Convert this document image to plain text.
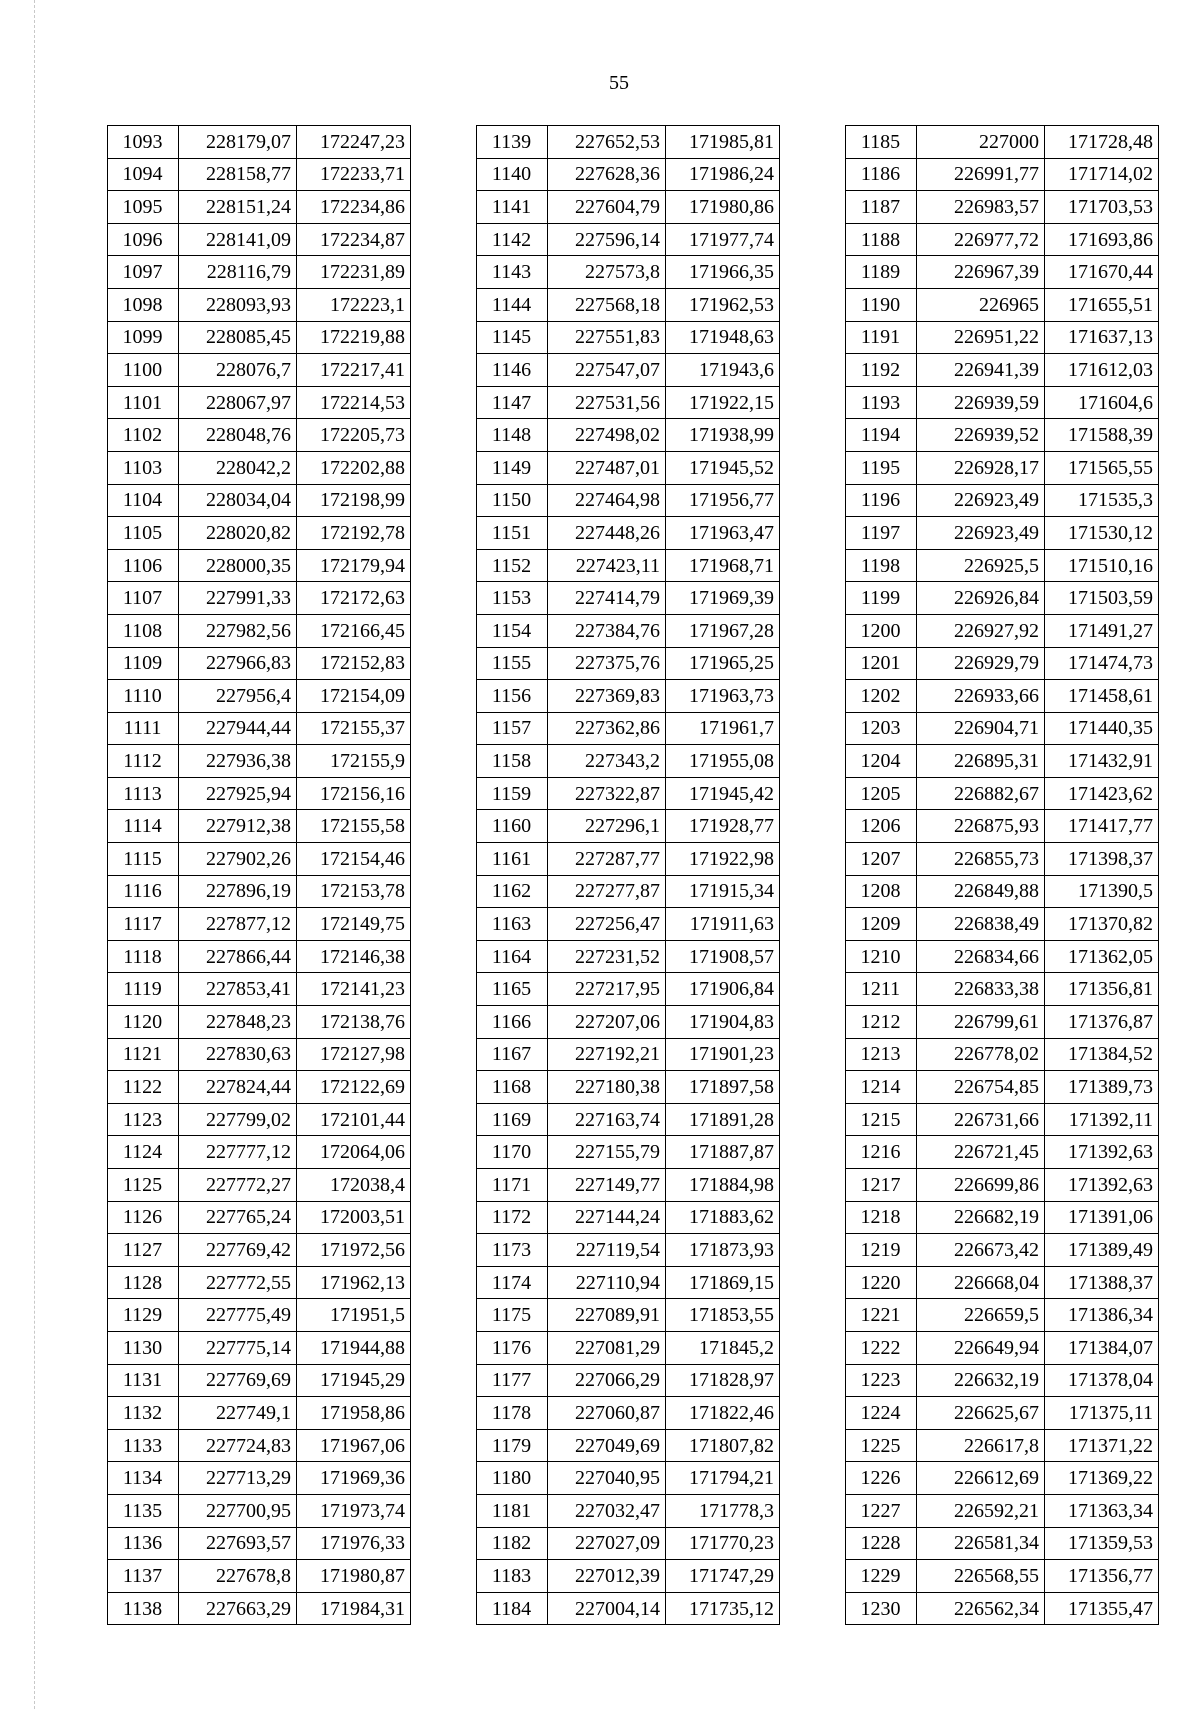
55
1093	228179,07	172247,23
1094	228158,77	172233,71
1095	228151,24	172234,86
1096	228141,09	172234,87
1097	228116,79	172231,89
1098	228093,93	172223,1
1099	228085,45	172219,88
1100	228076,7	172217,41
1101	228067,97	172214,53
1102	228048,76	172205,73
1103	228042,2	172202,88
1104	228034,04	172198,99
1105	228020,82	172192,78
1106	228000,35	172179,94
1107	227991,33	172172,63
1108	227982,56	172166,45
1109	227966,83	172152,83
1110	227956,4	172154,09
1111	227944,44	172155,37
1112	227936,38	172155,9
1113	227925,94	172156,16
1114	227912,38	172155,58
1115	227902,26	172154,46
1116	227896,19	172153,78
1117	227877,12	172149,75
1118	227866,44	172146,38
1119	227853,41	172141,23
1120	227848,23	172138,76
1121	227830,63	172127,98
1122	227824,44	172122,69
1123	227799,02	172101,44
1124	227777,12	172064,06
1125	227772,27	172038,4
1126	227765,24	172003,51
1127	227769,42	171972,56
1128	227772,55	171962,13
1129	227775,49	171951,5
1130	227775,14	171944,88
1131	227769,69	171945,29
1132	227749,1	171958,86
1133	227724,83	171967,06
1134	227713,29	171969,36
1135	227700,95	171973,74
1136	227693,57	171976,33
1137	227678,8	171980,87
1138	227663,29	171984,31
1139	227652,53	171985,81
1140	227628,36	171986,24
1141	227604,79	171980,86
1142	227596,14	171977,74
1143	227573,8	171966,35
1144	227568,18	171962,53
1145	227551,83	171948,63
1146	227547,07	171943,6
1147	227531,56	171922,15
1148	227498,02	171938,99
1149	227487,01	171945,52
1150	227464,98	171956,77
1151	227448,26	171963,47
1152	227423,11	171968,71
1153	227414,79	171969,39
1154	227384,76	171967,28
1155	227375,76	171965,25
1156	227369,83	171963,73
1157	227362,86	171961,7
1158	227343,2	171955,08
1159	227322,87	171945,42
1160	227296,1	171928,77
1161	227287,77	171922,98
1162	227277,87	171915,34
1163	227256,47	171911,63
1164	227231,52	171908,57
1165	227217,95	171906,84
1166	227207,06	171904,83
1167	227192,21	171901,23
1168	227180,38	171897,58
1169	227163,74	171891,28
1170	227155,79	171887,87
1171	227149,77	171884,98
1172	227144,24	171883,62
1173	227119,54	171873,93
1174	227110,94	171869,15
1175	227089,91	171853,55
1176	227081,29	171845,2
1177	227066,29	171828,97
1178	227060,87	171822,46
1179	227049,69	171807,82
1180	227040,95	171794,21
1181	227032,47	171778,3
1182	227027,09	171770,23
1183	227012,39	171747,29
1184	227004,14	171735,12
1185	227000	171728,48
1186	226991,77	171714,02
1187	226983,57	171703,53
1188	226977,72	171693,86
1189	226967,39	171670,44
1190	226965	171655,51
1191	226951,22	171637,13
1192	226941,39	171612,03
1193	226939,59	171604,6
1194	226939,52	171588,39
1195	226928,17	171565,55
1196	226923,49	171535,3
1197	226923,49	171530,12
1198	226925,5	171510,16
1199	226926,84	171503,59
1200	226927,92	171491,27
1201	226929,79	171474,73
1202	226933,66	171458,61
1203	226904,71	171440,35
1204	226895,31	171432,91
1205	226882,67	171423,62
1206	226875,93	171417,77
1207	226855,73	171398,37
1208	226849,88	171390,5
1209	226838,49	171370,82
1210	226834,66	171362,05
1211	226833,38	171356,81
1212	226799,61	171376,87
1213	226778,02	171384,52
1214	226754,85	171389,73
1215	226731,66	171392,11
1216	226721,45	171392,63
1217	226699,86	171392,63
1218	226682,19	171391,06
1219	226673,42	171389,49
1220	226668,04	171388,37
1221	226659,5	171386,34
1222	226649,94	171384,07
1223	226632,19	171378,04
1224	226625,67	171375,11
1225	226617,8	171371,22
1226	226612,69	171369,22
1227	226592,21	171363,34
1228	226581,34	171359,53
1229	226568,55	171356,77
1230	226562,34	171355,47
